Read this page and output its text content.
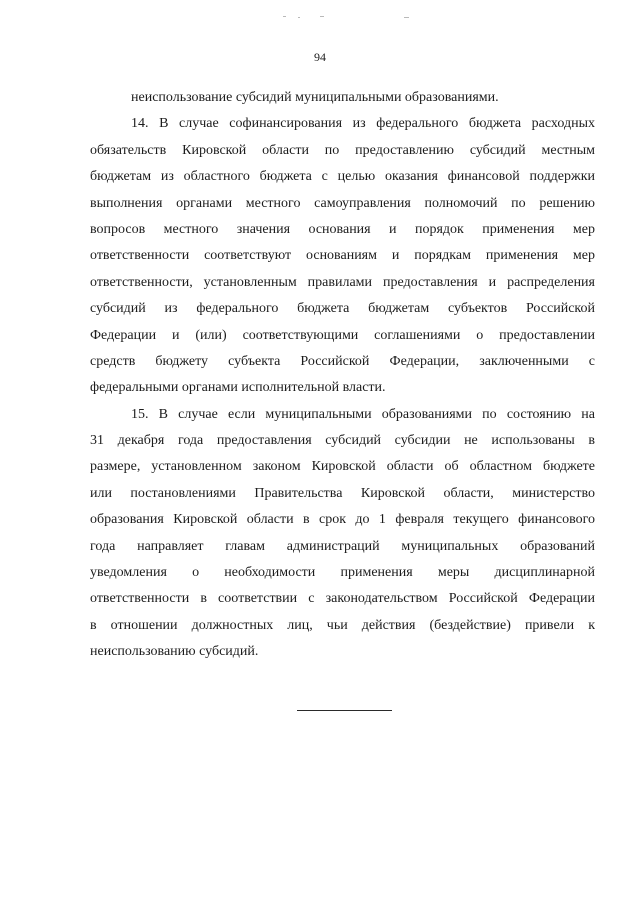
94
неиспользование субсидий муниципальными образованиями.
14. В случае софинансирования из федерального бюджета расходных
обязательств Кировской области по предоставлению субсидий местным
бюджетам из областного бюджета с целью оказания финансовой поддержки
выполнения органами местного самоуправления полномочий по решению
вопросов местного значения основания и порядок применения мер
ответственности соответствуют основаниям и порядкам применения мер
ответственности, установленным правилами предоставления и распределения
субсидий из федерального бюджета бюджетам субъектов Российской
Федерации и (или) соответствующими соглашениями о предоставлении
средств бюджету субъекта Российской Федерации, заключенными с
федеральными органами исполнительной власти.
15. В случае если муниципальными образованиями по состоянию на
31 декабря года предоставления субсидий субсидии не использованы в
размере, установленном законом Кировской области об областном бюджете
или постановлениями Правительства Кировской области, министерство
образования Кировской области в срок до 1 февраля текущего финансового
года направляет главам администраций муниципальных образований
уведомления о необходимости применения меры дисциплинарной
ответственности в соответствии с законодательством Российской Федерации
в отношении должностных лиц, чьи действия (бездействие) привели к
неиспользованию субсидий.
